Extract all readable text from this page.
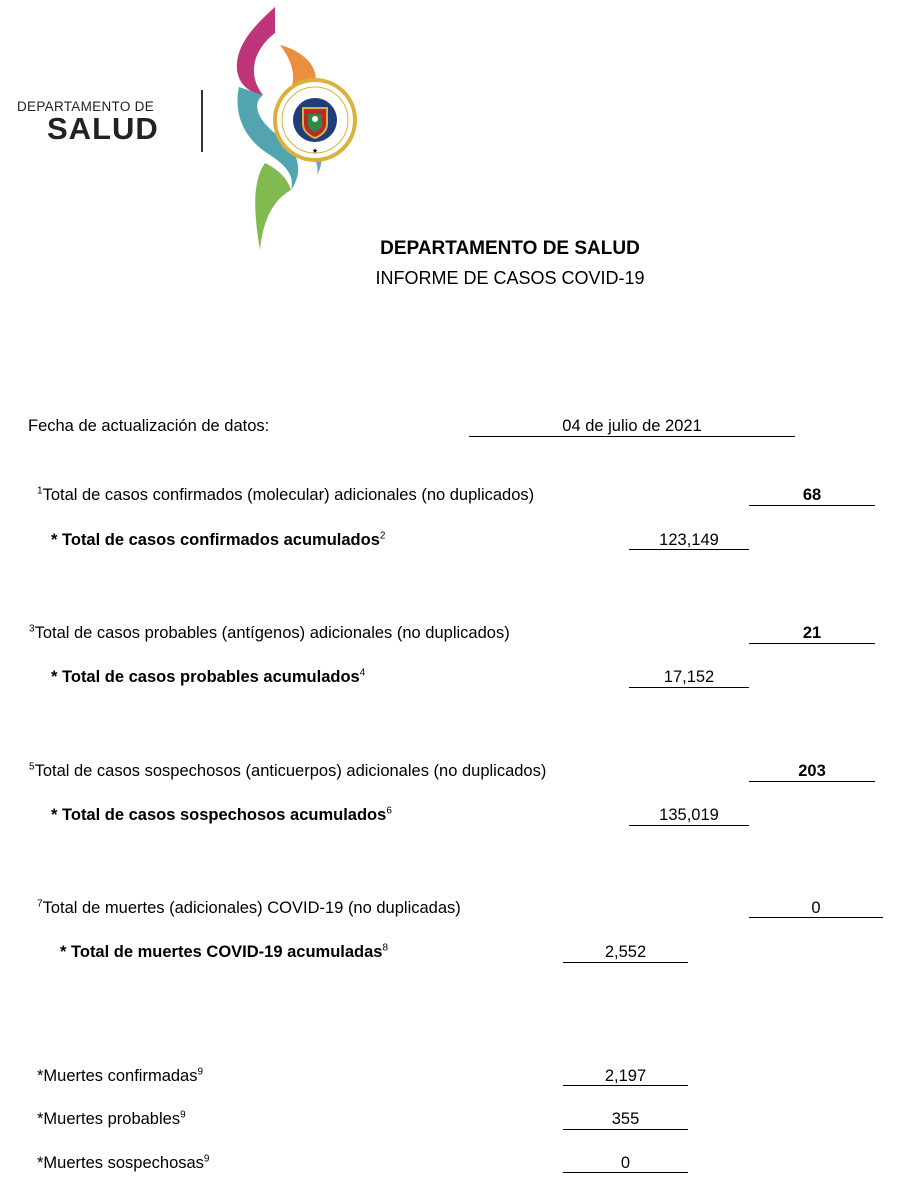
DEPARTAMENTO DE
SALUD
★
DEPARTAMENTO DE SALUD
INFORME DE CASOS COVID-19
Fecha de actualización de datos:	04 de julio de 2021
$^1$Total de casos confirmados (molecular) adicionales (no duplicados)	68
* Total de casos confirmados acumulados$^2$	123,149
$^3$Total de casos probables (antígenos) adicionales (no duplicados)	21
* Total de casos probables acumulados$^4$	17,152
$^5$Total de casos sospechosos (anticuerpos) adicionales (no duplicados)	203
* Total de casos sospechosos acumulados$^6$	135,019
$^7$Total de muertes (adicionales) COVID-19 (no duplicadas)	0
* Total de muertes COVID-19 acumuladas$^8$	2,552
*Muertes confirmadas$^9$	2,197
*Muertes probables$^9$	355
*Muertes sospechosas$^9$	0
